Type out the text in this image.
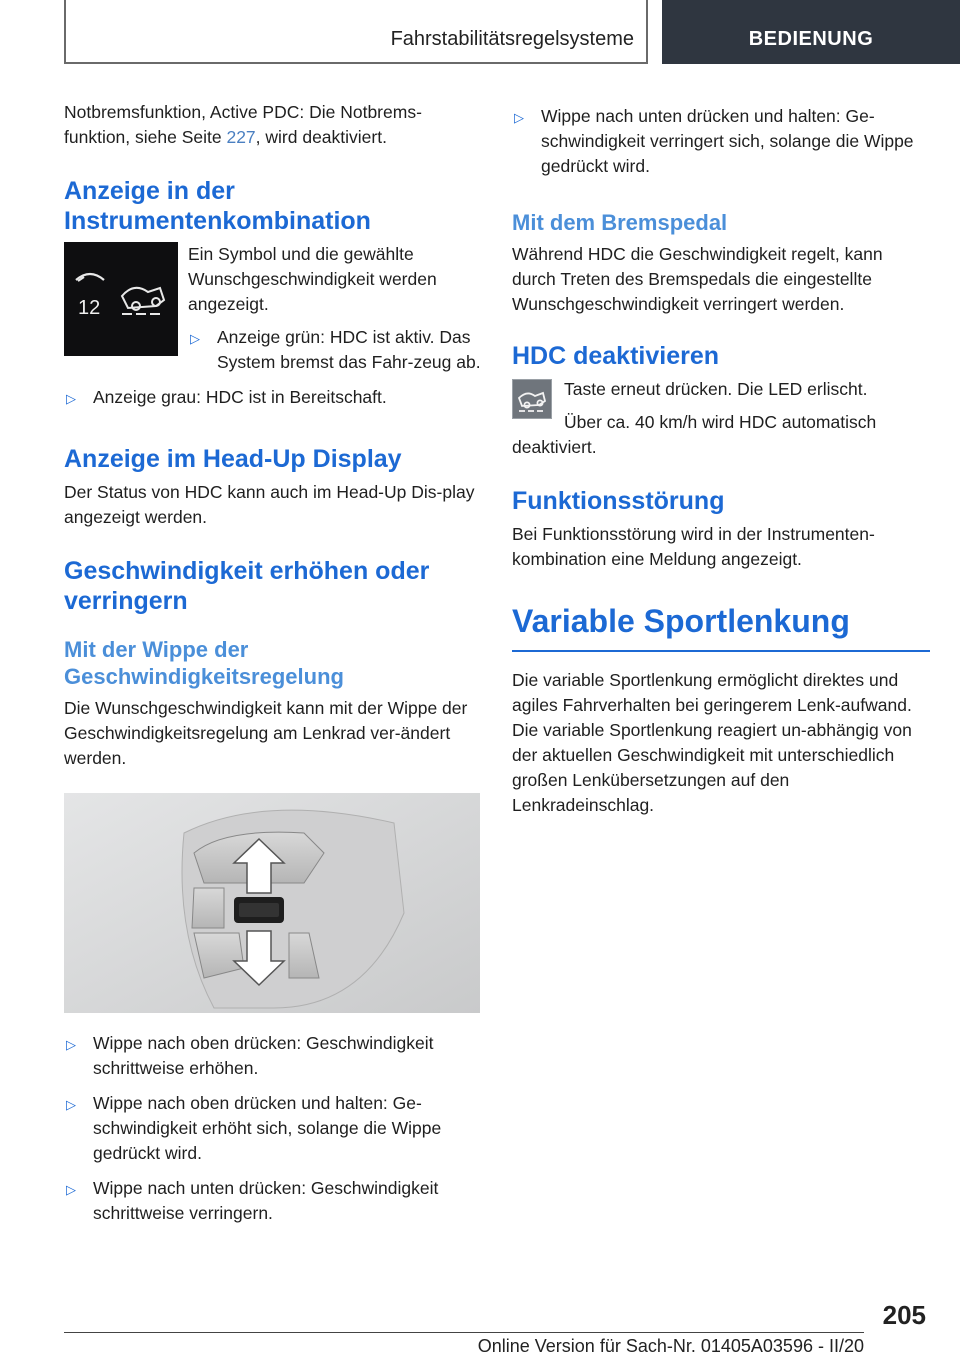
Fahrstabilitätsregelsysteme	BEDIENUNG

Notbremsfunktion, Active PDC: Die Notbrems‐funktion, siehe Seite 227, wird deaktiviert.

Anzeige in der Instrumentenkombination
12

Ein Symbol und die gewählte Wunschgeschwindigkeit werden angezeigt.

▷ Anzeige grün: HDC ist aktiv. Das System bremst das Fahr‐zeug ab.
▷ Anzeige grau: HDC ist in Bereitschaft.
Anzeige im Head-Up Display

Der Status von HDC kann auch im Head-Up Dis‐play angezeigt werden.

Geschwindigkeit erhöhen oder verringern
Mit der Wippe der Geschwindigkeitsregelung

Die Wunschgeschwindigkeit kann mit der Wippe der Geschwindigkeitsregelung am Lenkrad ver‐ändert werden.

▷ Wippe nach oben drücken: Geschwindigkeit schrittweise erhöhen.
▷ Wippe nach oben drücken und halten: Ge‐schwindigkeit erhöht sich, solange die Wippe gedrückt wird.
▷ Wippe nach unten drücken: Geschwindigkeit schrittweise verringern.
▷ Wippe nach unten drücken und halten: Ge‐schwindigkeit verringert sich, solange die Wippe gedrückt wird.
Mit dem Bremspedal

Während HDC die Geschwindigkeit regelt, kann durch Treten des Bremspedals die eingestellte Wunschgeschwindigkeit verringert werden.

HDC deaktivieren

Taste erneut drücken. Die LED erlischt.

Über ca. 40 km/h wird HDC automatisch deaktiviert.

Funktionsstörung

Bei Funktionsstörung wird in der Instrumenten‐kombination eine Meldung angezeigt.

Variable Sportlenkung

Die variable Sportlenkung ermöglicht direktes und agiles Fahrverhalten bei geringerem Lenk‐aufwand. Die variable Sportlenkung reagiert un‐abhängig von der aktuellen Geschwindigkeit mit unterschiedlich großen Lenkübersetzungen auf den Lenkradeinschlag.

205
Online Version für Sach-Nr. 01405A03596 - II/20
